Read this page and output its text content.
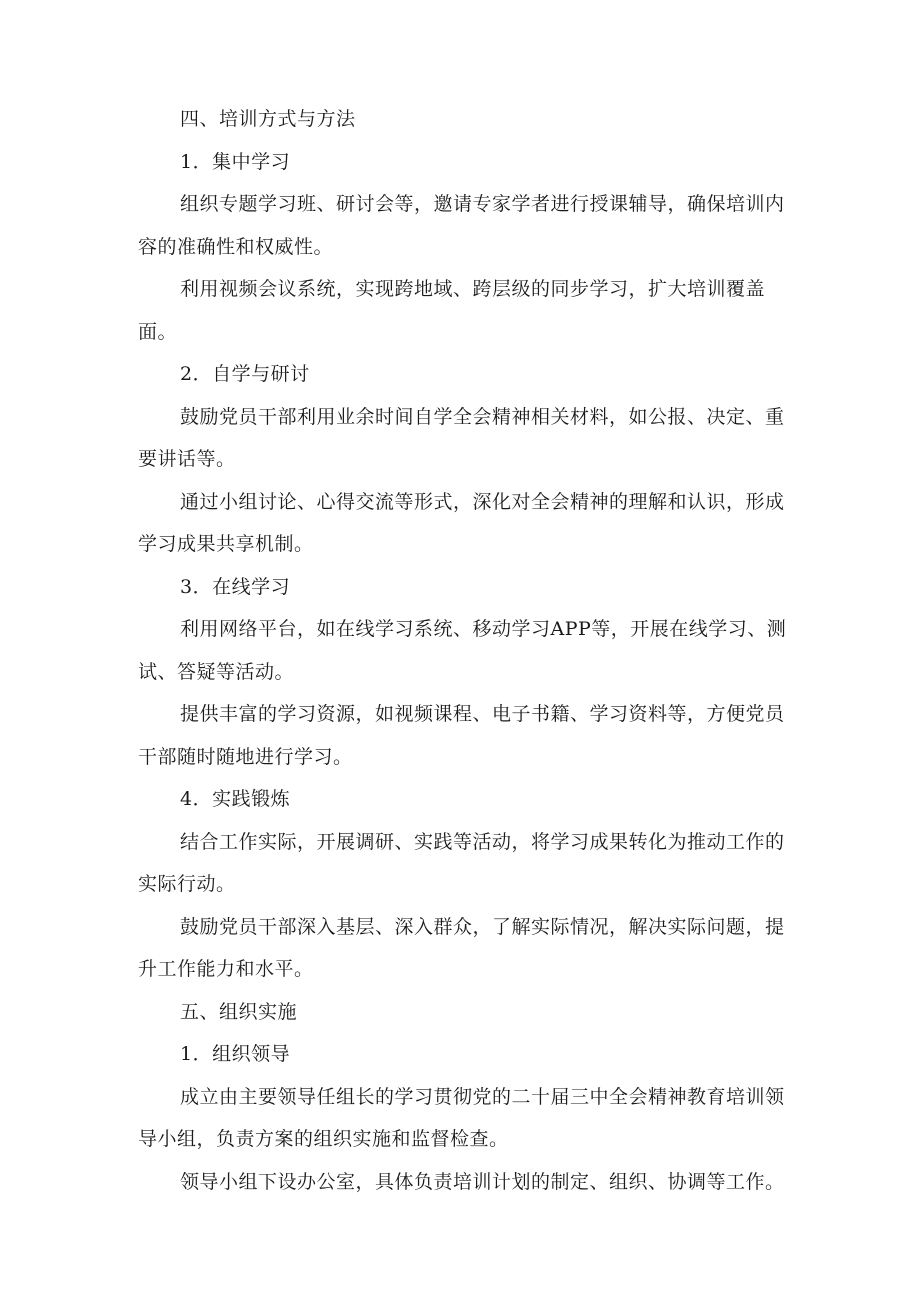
四、培训方式与方法

1．集中学习

组织专题学习班、研讨会等，邀请专家学者进行授课辅导，确保培训内容的准确性和权威性。

利用视频会议系统，实现跨地域、跨层级的同步学习，扩大培训覆盖面。

2．自学与研讨

鼓励党员干部利用业余时间自学全会精神相关材料，如公报、决定、重要讲话等。

通过小组讨论、心得交流等形式，深化对全会精神的理解和认识，形成学习成果共享机制。

3．在线学习

利用网络平台，如在线学习系统、移动学习APP等，开展在线学习、测试、答疑等活动。

提供丰富的学习资源，如视频课程、电子书籍、学习资料等，方便党员干部随时随地进行学习。

4．实践锻炼

结合工作实际，开展调研、实践等活动，将学习成果转化为推动工作的实际行动。

鼓励党员干部深入基层、深入群众，了解实际情况，解决实际问题，提升工作能力和水平。

五、组织实施

1．组织领导

成立由主要领导任组长的学习贯彻党的二十届三中全会精神教育培训领导小组，负责方案的组织实施和监督检查。

领导小组下设办公室，具体负责培训计划的制定、组织、协调等工作。
